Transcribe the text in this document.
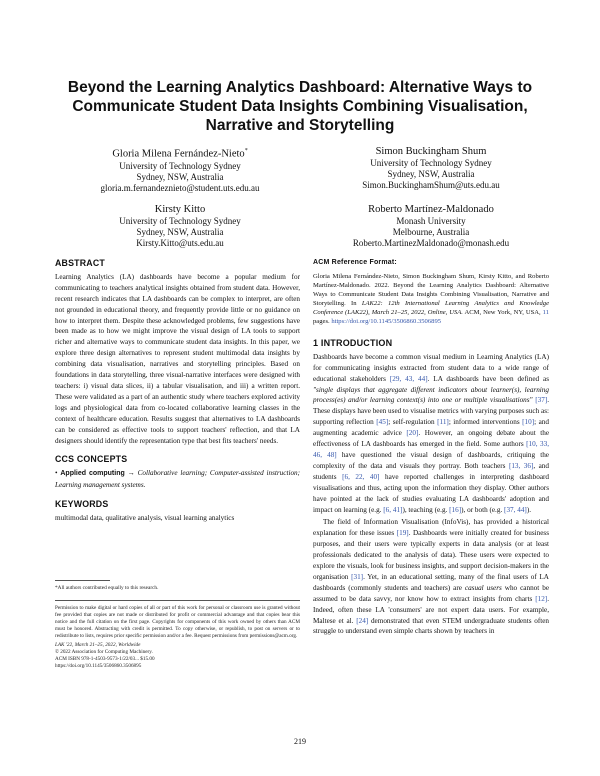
Beyond the Learning Analytics Dashboard: Alternative Ways to Communicate Student Data Insights Combining Visualisation, Narrative and Storytelling
Gloria Milena Fernández-Nieto*
University of Technology Sydney
Sydney, NSW, Australia
gloria.m.fernandeznieto@student.uts.edu.au
Simon Buckingham Shum
University of Technology Sydney
Sydney, NSW, Australia
Simon.BuckinghamShum@uts.edu.au
Kirsty Kitto
University of Technology Sydney
Sydney, NSW, Australia
Kirsty.Kitto@uts.edu.au
Roberto Martínez-Maldonado
Monash University
Melbourne, Australia
Roberto.MartinezMaldonado@monash.edu
ABSTRACT

Learning Analytics (LA) dashboards have become a popular medium for communicating to teachers analytical insights obtained from student data. However, recent research indicates that LA dashboards can be complex to interpret, are often not grounded in educational theory, and frequently provide little or no guidance on how to interpret them. Despite these acknowledged problems, few suggestions have been made as to how we might improve the visual design of LA tools to support richer and alternative ways to communicate student data insights. In this paper, we explore three design alternatives to represent student multimodal data insights by combining data visualisation, narratives and storytelling principles. Based on foundations in data storytelling, three visual-narrative interfaces were designed with teachers: i) visual data slices, ii) a tabular visualisation, and iii) a written report. These were validated as a part of an authentic study where teachers explored activity logs and physiological data from co-located collaborative learning classes in the context of healthcare education. Results suggest that alternatives to LA dashboards can be considered as effective tools to support teachers' reflection, and that LA designers should identify the representation type that best fits teachers' needs.

CCS CONCEPTS

• Applied computing → Collaborative learning; Computer-assisted instruction; Learning management systems.

KEYWORDS

multimodal data, qualitative analysis, visual learning analytics

*All authors contributed equally to this research.

Permission to make digital or hard copies of all or part of this work for personal or classroom use is granted without fee provided that copies are not made or distributed for profit or commercial advantage and that copies bear this notice and the full citation on the first page. Copyrights for components of this work owned by others than ACM must be honored. Abstracting with credit is permitted. To copy otherwise, or republish, to post on servers or to redistribute to lists, requires prior specific permission and/or a fee. Request permissions from permissions@acm.org.

LAK '22, March 21–25, 2022, Worldwide

© 2022 Association for Computing Machinery.

ACM ISBN 978-1-4503-9573-1/22/03... $15.00

https://doi.org/10.1145/3506860.3506895

ACM Reference Format:

Gloria Milena Fernández-Nieto, Simon Buckingham Shum, Kirsty Kitto, and Roberto Martínez-Maldonado. 2022. Beyond the Learning Analytics Dashboard: Alternative Ways to Communicate Student Data Insights Combining Visualisation, Narrative and Storytelling. In LAK22: 12th International Learning Analytics and Knowledge Conference (LAK22), March 21–25, 2022, Online, USA. ACM, New York, NY, USA, 11 pages. https://doi.org/10.1145/3506860.3506895

1 INTRODUCTION

Dashboards have become a common visual medium in Learning Analytics (LA) for communicating insights extracted from student data to a wide range of educational stakeholders [29, 43, 44]. LA dashboards have been defined as "single displays that aggregate different indicators about learner(s), learning process(es) and/or learning context(s) into one or multiple visualisations" [37]. These displays have been used to visualise metrics with varying purposes such as: supporting reflection [45]; self-regulation [11]; informed interventions [10]; and augmenting academic advice [20]. However, an ongoing debate about the effectiveness of LA dashboards has emerged in the field. Some authors [10, 33, 46, 48] have questioned the visual design of dashboards, critiquing the complexity of the data and visuals they portray. Both teachers [13, 36], and students [6, 22, 40] have reported challenges in interpreting dashboard visualisations and thus, acting upon the information they display. Other authors have pointed at the lack of studies evaluating LA dashboards' adoption and impact on learning (e.g. [6, 41]), teaching (e.g. [16]), or both (e.g. [37, 44]).

The field of Information Visualisation (InfoVis), has provided a historical explanation for these issues [19]. Dashboards were initially created for business purposes, and their users were typically experts in data analysis (or at least professionals dedicated to the analysis of data). These users were expected to explore the visuals, look for business insights, and support decision-makers in the organisation [31]. Yet, in an educational setting, many of the final users of LA dashboards (commonly students and teachers) are casual users who cannot be assumed to be data savvy, nor know how to extract insights from charts [12]. Indeed, often these LA 'consumers' are not expert data users. For example, Maltese et al. [24] demonstrated that even STEM undergraduate students often struggle to understand even simple charts shown by teachers in

219
